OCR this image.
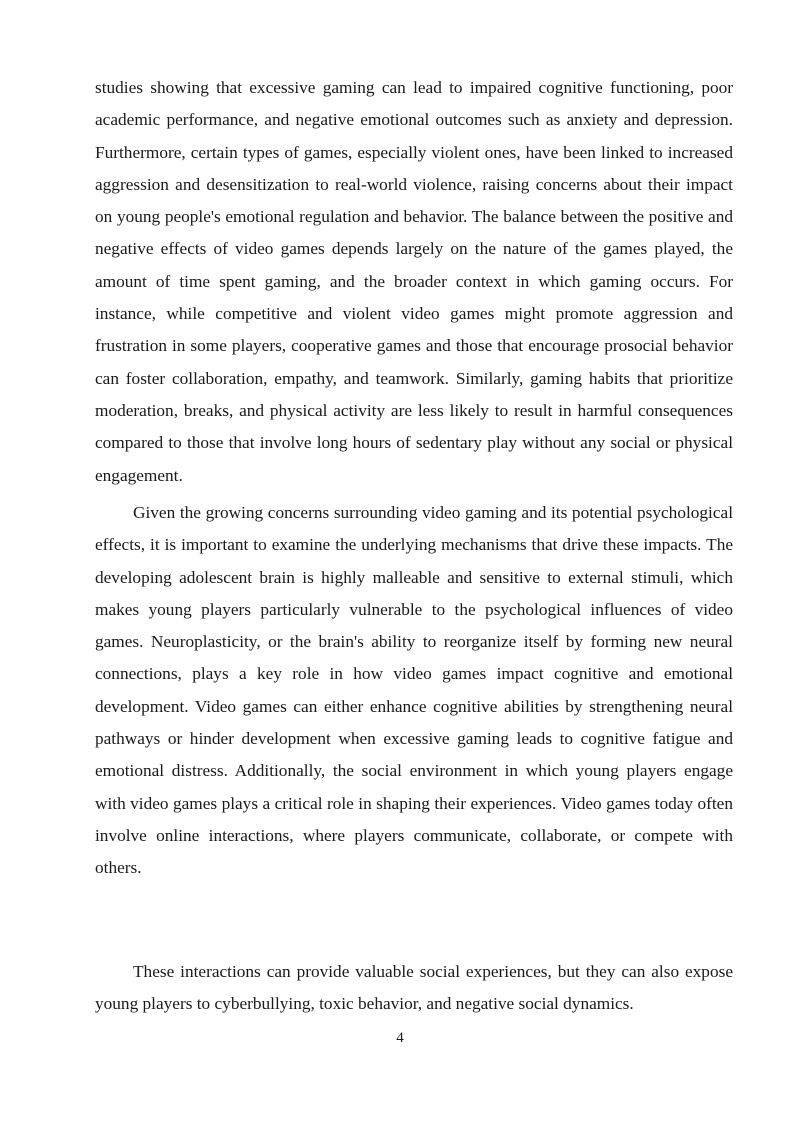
studies showing that excessive gaming can lead to impaired cognitive functioning, poor academic performance, and negative emotional outcomes such as anxiety and depression. Furthermore, certain types of games, especially violent ones, have been linked to increased aggression and desensitization to real-world violence, raising concerns about their impact on young people's emotional regulation and behavior. The balance between the positive and negative effects of video games depends largely on the nature of the games played, the amount of time spent gaming, and the broader context in which gaming occurs. For instance, while competitive and violent video games might promote aggression and frustration in some players, cooperative games and those that encourage prosocial behavior can foster collaboration, empathy, and teamwork. Similarly, gaming habits that prioritize moderation, breaks, and physical activity are less likely to result in harmful consequences compared to those that involve long hours of sedentary play without any social or physical engagement.

Given the growing concerns surrounding video gaming and its potential psychological effects, it is important to examine the underlying mechanisms that drive these impacts. The developing adolescent brain is highly malleable and sensitive to external stimuli, which makes young players particularly vulnerable to the psychological influences of video games. Neuroplasticity, or the brain's ability to reorganize itself by forming new neural connections, plays a key role in how video games impact cognitive and emotional development. Video games can either enhance cognitive abilities by strengthening neural pathways or hinder development when excessive gaming leads to cognitive fatigue and emotional distress. Additionally, the social environment in which young players engage with video games plays a critical role in shaping their experiences. Video games today often involve online interactions, where players communicate, collaborate, or compete with others.

These interactions can provide valuable social experiences, but they can also expose young players to cyberbullying, toxic behavior, and negative social dynamics.

4
